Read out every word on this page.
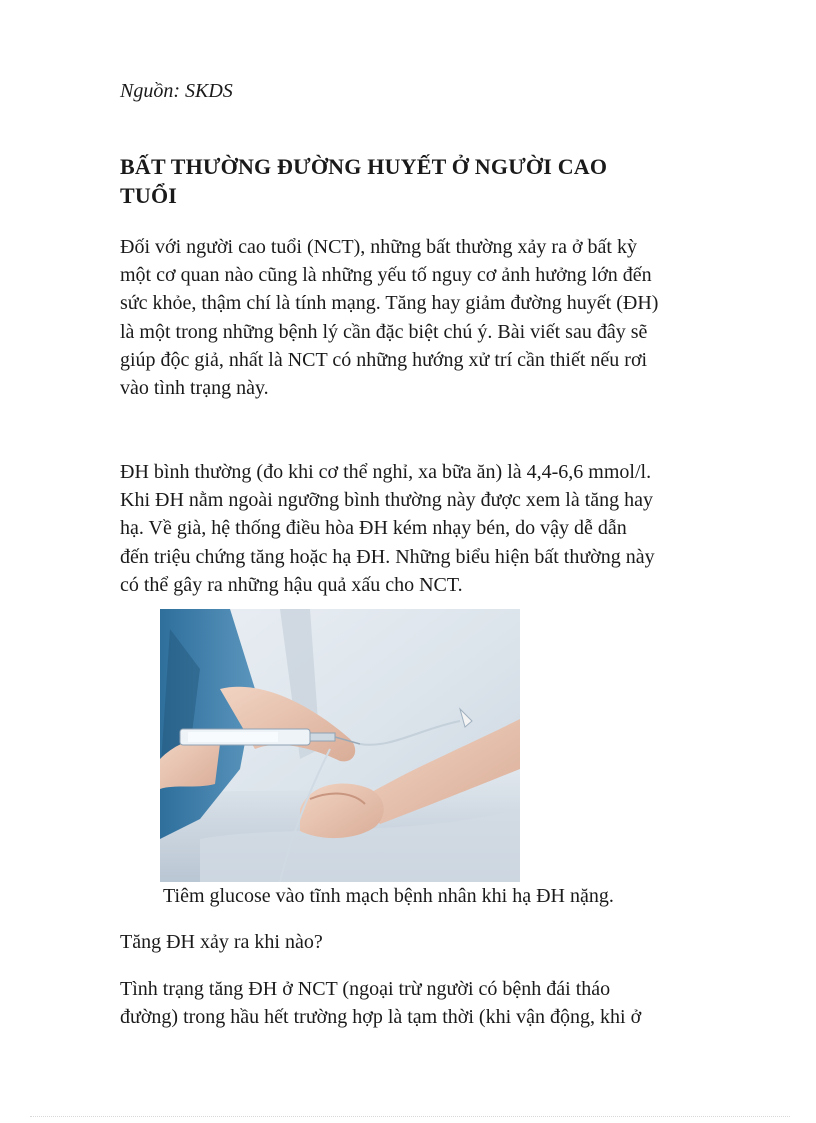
Nguồn: SKDS
BẤT THƯỜNG ĐƯỜNG HUYẾT Ở NGƯỜI CAO
TUỔI
Đối với người cao tuổi (NCT), những bất thường xảy ra ở bất kỳ
một cơ quan nào cũng là những yếu tố nguy cơ ảnh hưởng lớn đến
sức khỏe, thậm chí là tính mạng. Tăng hay giảm đường huyết (ĐH)
là một trong những bệnh lý cần đặc biệt chú ý. Bài viết sau đây sẽ
giúp độc giả, nhất là NCT có những hướng xử trí cần thiết nếu rơi
vào tình trạng này.
ĐH bình thường (đo khi cơ thể nghỉ, xa bữa ăn) là 4,4-6,6 mmol/l.
Khi ĐH nằm ngoài ngưỡng bình thường này được xem là tăng hay
hạ. Về già, hệ thống điều hòa ĐH kém nhạy bén, do vậy dễ dẫn
đến triệu chứng tăng hoặc hạ ĐH. Những biểu hiện bất thường này
có thể gây ra những hậu quả xấu cho NCT.
Tiêm glucose vào tĩnh mạch bệnh nhân khi hạ ĐH nặng.
Tăng ĐH xảy ra khi nào?
Tình trạng tăng ĐH ở NCT (ngoại trừ người có bệnh đái tháo
đường) trong hầu hết trường hợp là tạm thời (khi vận động, khi ở
